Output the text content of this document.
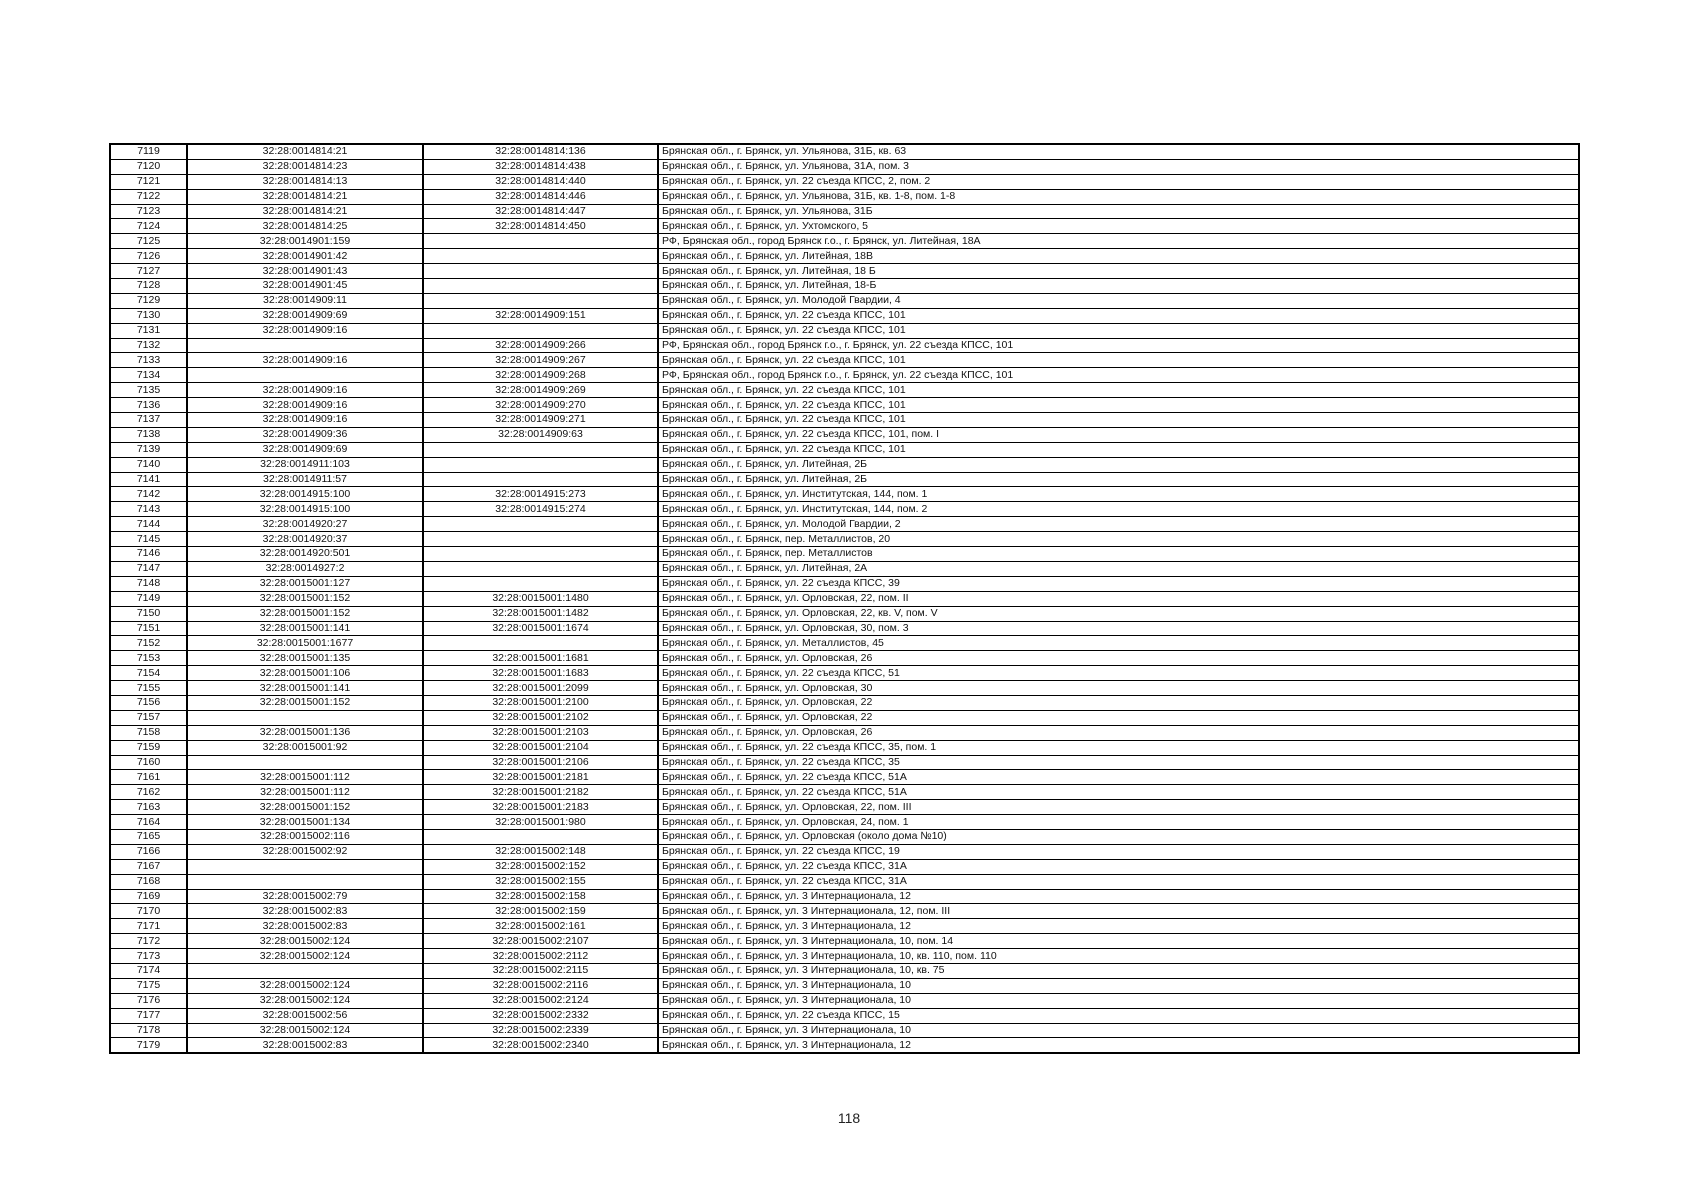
7119	32:28:0014814:21	32:28:0014814:136	Брянская обл., г. Брянск, ул. Ульянова, 31Б, кв. 63
7120	32:28:0014814:23	32:28:0014814:438	Брянская обл., г. Брянск, ул. Ульянова, 31А, пом. 3
7121	32:28:0014814:13	32:28:0014814:440	Брянская обл., г. Брянск, ул. 22 съезда КПСС, 2, пом. 2
7122	32:28:0014814:21	32:28:0014814:446	Брянская обл., г. Брянск, ул. Ульянова, 31Б, кв. 1-8, пом. 1-8
7123	32:28:0014814:21	32:28:0014814:447	Брянская обл., г. Брянск, ул. Ульянова, 31Б
7124	32:28:0014814:25	32:28:0014814:450	Брянская обл., г. Брянск, ул. Ухтомского, 5
7125	32:28:0014901:159		РФ, Брянская обл., город Брянск г.о., г. Брянск, ул. Литейная, 18А
7126	32:28:0014901:42		Брянская обл., г. Брянск, ул. Литейная, 18В
7127	32:28:0014901:43		Брянская обл., г. Брянск, ул. Литейная, 18 Б
7128	32:28:0014901:45		Брянская обл., г. Брянск, ул. Литейная, 18-Б
7129	32:28:0014909:11		Брянская обл., г. Брянск, ул. Молодой Гвардии, 4
7130	32:28:0014909:69	32:28:0014909:151	Брянская обл., г. Брянск, ул. 22 съезда КПСС, 101
7131	32:28:0014909:16		Брянская обл., г. Брянск, ул. 22 съезда КПСС, 101
7132		32:28:0014909:266	РФ, Брянская обл., город Брянск г.о., г. Брянск, ул. 22 съезда КПСС, 101
7133	32:28:0014909:16	32:28:0014909:267	Брянская обл., г. Брянск, ул. 22 съезда КПСС, 101
7134		32:28:0014909:268	РФ, Брянская обл., город Брянск г.о., г. Брянск, ул. 22 съезда КПСС, 101
7135	32:28:0014909:16	32:28:0014909:269	Брянская обл., г. Брянск, ул. 22 съезда КПСС, 101
7136	32:28:0014909:16	32:28:0014909:270	Брянская обл., г. Брянск, ул. 22 съезда КПСС, 101
7137	32:28:0014909:16	32:28:0014909:271	Брянская обл., г. Брянск, ул. 22 съезда КПСС, 101
7138	32:28:0014909:36	32:28:0014909:63	Брянская обл., г. Брянск, ул. 22 съезда КПСС, 101, пом. I
7139	32:28:0014909:69		Брянская обл., г. Брянск, ул. 22 съезда КПСС, 101
7140	32:28:0014911:103		Брянская обл., г. Брянск, ул. Литейная, 2Б
7141	32:28:0014911:57		Брянская обл., г. Брянск, ул. Литейная, 2Б
7142	32:28:0014915:100	32:28:0014915:273	Брянская обл., г. Брянск, ул. Институтская, 144, пом. 1
7143	32:28:0014915:100	32:28:0014915:274	Брянская обл., г. Брянск, ул. Институтская, 144, пом. 2
7144	32:28:0014920:27		Брянская обл., г. Брянск, ул. Молодой Гвардии, 2
7145	32:28:0014920:37		Брянская обл., г. Брянск, пер. Металлистов, 20
7146	32:28:0014920:501		Брянская обл., г. Брянск, пер. Металлистов
7147	32:28:0014927:2		Брянская обл., г. Брянск, ул. Литейная, 2А
7148	32:28:0015001:127		Брянская обл., г. Брянск, ул. 22 съезда КПСС, 39
7149	32:28:0015001:152	32:28:0015001:1480	Брянская обл., г. Брянск, ул. Орловская, 22, пом. II
7150	32:28:0015001:152	32:28:0015001:1482	Брянская обл., г. Брянск, ул. Орловская, 22, кв. V, пом. V
7151	32:28:0015001:141	32:28:0015001:1674	Брянская обл., г. Брянск, ул. Орловская, 30, пом. 3
7152	32:28:0015001:1677		Брянская обл., г. Брянск, ул. Металлистов, 45
7153	32:28:0015001:135	32:28:0015001:1681	Брянская обл., г. Брянск, ул. Орловская, 26
7154	32:28:0015001:106	32:28:0015001:1683	Брянская обл., г. Брянск, ул. 22 съезда КПСС, 51
7155	32:28:0015001:141	32:28:0015001:2099	Брянская обл., г. Брянск, ул. Орловская, 30
7156	32:28:0015001:152	32:28:0015001:2100	Брянская обл., г. Брянск, ул. Орловская, 22
7157		32:28:0015001:2102	Брянская обл., г. Брянск, ул. Орловская, 22
7158	32:28:0015001:136	32:28:0015001:2103	Брянская обл., г. Брянск, ул. Орловская, 26
7159	32:28:0015001:92	32:28:0015001:2104	Брянская обл., г. Брянск, ул. 22 съезда КПСС, 35, пом. 1
7160		32:28:0015001:2106	Брянская обл., г. Брянск, ул. 22 съезда КПСС, 35
7161	32:28:0015001:112	32:28:0015001:2181	Брянская обл., г. Брянск, ул. 22 съезда КПСС, 51А
7162	32:28:0015001:112	32:28:0015001:2182	Брянская обл., г. Брянск, ул. 22 съезда КПСС, 51А
7163	32:28:0015001:152	32:28:0015001:2183	Брянская обл., г. Брянск, ул. Орловская, 22, пом. III
7164	32:28:0015001:134	32:28:0015001:980	Брянская обл., г. Брянск, ул. Орловская, 24, пом. 1
7165	32:28:0015002:116		Брянская обл., г. Брянск, ул. Орловская (около дома №10)
7166	32:28:0015002:92	32:28:0015002:148	Брянская обл., г. Брянск, ул. 22 съезда КПСС, 19
7167		32:28:0015002:152	Брянская обл., г. Брянск, ул. 22 съезда КПСС, 31А
7168		32:28:0015002:155	Брянская обл., г. Брянск, ул. 22 съезда КПСС, 31А
7169	32:28:0015002:79	32:28:0015002:158	Брянская обл., г. Брянск, ул. 3 Интернационала, 12
7170	32:28:0015002:83	32:28:0015002:159	Брянская обл., г. Брянск, ул. 3 Интернационала, 12, пом. III
7171	32:28:0015002:83	32:28:0015002:161	Брянская обл., г. Брянск, ул. 3 Интернационала, 12
7172	32:28:0015002:124	32:28:0015002:2107	Брянская обл., г. Брянск, ул. 3 Интернационала, 10, пом. 14
7173	32:28:0015002:124	32:28:0015002:2112	Брянская обл., г. Брянск, ул. 3 Интернационала, 10, кв. 110, пом. 110
7174		32:28:0015002:2115	Брянская обл., г. Брянск, ул. 3 Интернационала, 10, кв. 75
7175	32:28:0015002:124	32:28:0015002:2116	Брянская обл., г. Брянск, ул. 3 Интернационала, 10
7176	32:28:0015002:124	32:28:0015002:2124	Брянская обл., г. Брянск, ул. 3 Интернационала, 10
7177	32:28:0015002:56	32:28:0015002:2332	Брянская обл., г. Брянск, ул. 22 съезда КПСС, 15
7178	32:28:0015002:124	32:28:0015002:2339	Брянская обл., г. Брянск, ул. 3 Интернационала, 10
7179	32:28:0015002:83	32:28:0015002:2340	Брянская обл., г. Брянск, ул. 3 Интернационала, 12
118
